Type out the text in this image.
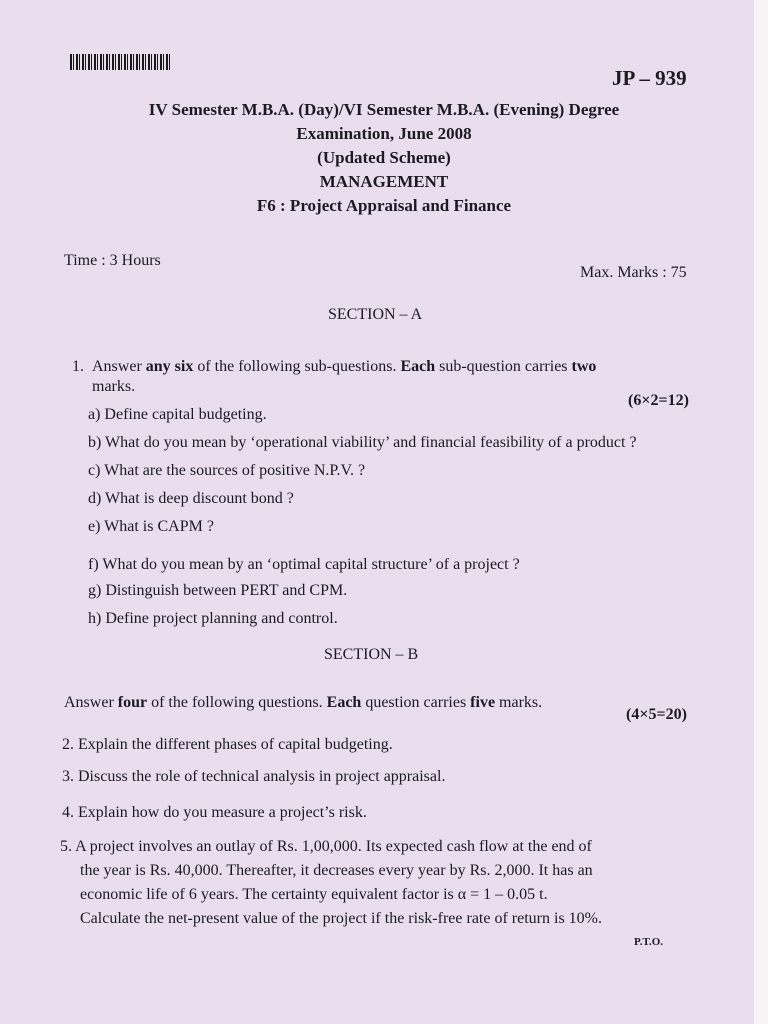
JP – 939
IV Semester M.B.A. (Day)/VI Semester M.B.A. (Evening) Degree
Examination, June 2008
(Updated Scheme)
MANAGEMENT
F6 : Project Appraisal and Finance
Time : 3 Hours
Max. Marks : 75
SECTION – A
1. Answer any six of the following sub-questions. Each sub-question carries two
marks.
(6×2=12)
a) Define capital budgeting.
b) What do you mean by ‘operational viability’ and financial feasibility of a product ?
c) What are the sources of positive N.P.V. ?
d) What is deep discount bond ?
e) What is CAPM ?
f) What do you mean by an ‘optimal capital structure’ of a project ?
g) Distinguish between PERT and CPM.
h) Define project planning and control.
SECTION – B
Answer four of the following questions. Each question carries five marks.
(4×5=20)
2. Explain the different phases of capital budgeting.
3. Discuss the role of technical analysis in project appraisal.
4. Explain how do you measure a project’s risk.
5. A project involves an outlay of Rs. 1,00,000. Its expected cash flow at the end of
the year is Rs. 40,000. Thereafter, it decreases every year by Rs. 2,000. It has an
economic life of 6 years. The certainty equivalent factor is α = 1 – 0.05 t.
Calculate the net-present value of the project if the risk-free rate of return is 10%.
P.T.O.
